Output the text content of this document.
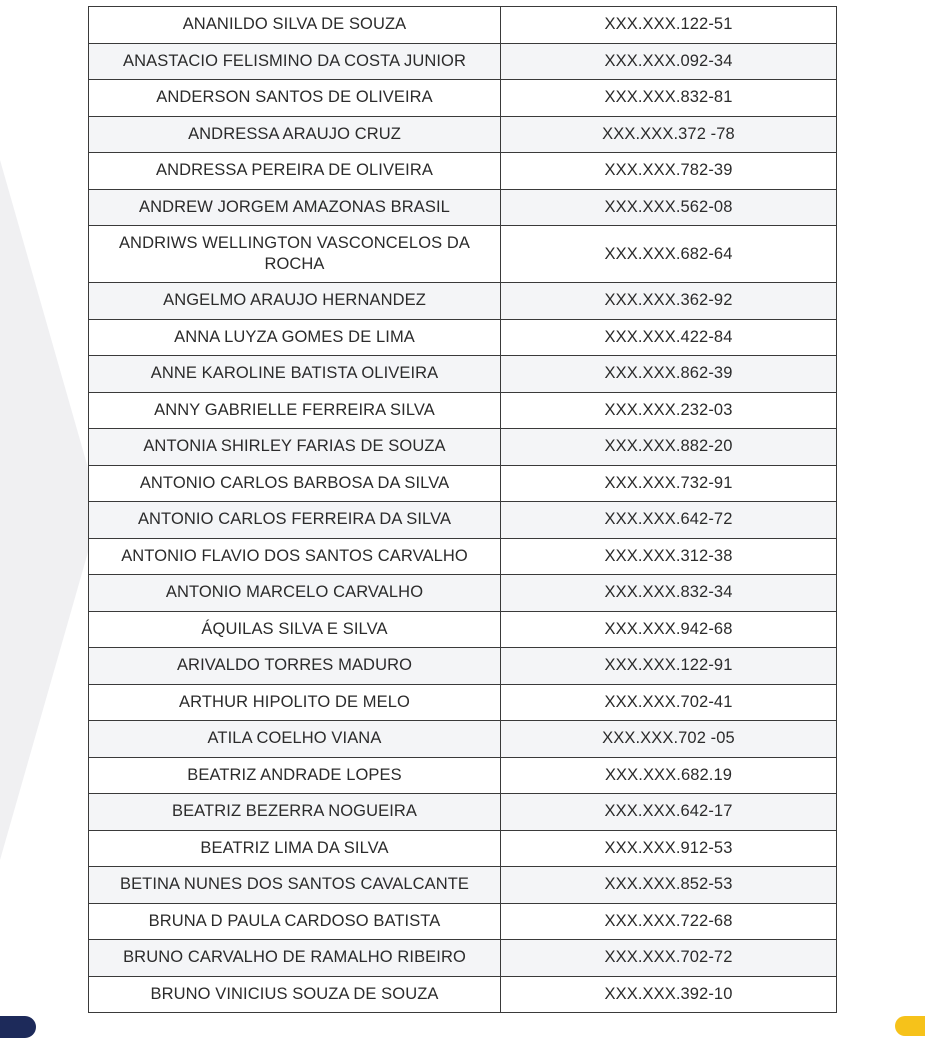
ANANILDO SILVA DE SOUZA	XXX.XXX.122-51
ANASTACIO FELISMINO DA COSTA JUNIOR	XXX.XXX.092-34
ANDERSON SANTOS DE OLIVEIRA	XXX.XXX.832-81
ANDRESSA ARAUJO CRUZ	XXX.XXX.372 -78
ANDRESSA PEREIRA DE OLIVEIRA	XXX.XXX.782-39
ANDREW JORGEM AMAZONAS BRASIL	XXX.XXX.562-08
ANDRIWS WELLINGTON VASCONCELOS DA ROCHA	XXX.XXX.682-64
ANGELMO ARAUJO HERNANDEZ	XXX.XXX.362-92
ANNA LUYZA GOMES DE LIMA	XXX.XXX.422-84
ANNE KAROLINE BATISTA OLIVEIRA	XXX.XXX.862-39
ANNY GABRIELLE FERREIRA SILVA	XXX.XXX.232-03
ANTONIA SHIRLEY FARIAS DE SOUZA	XXX.XXX.882-20
ANTONIO CARLOS BARBOSA DA SILVA	XXX.XXX.732-91
ANTONIO CARLOS FERREIRA DA SILVA	XXX.XXX.642-72
ANTONIO FLAVIO DOS SANTOS CARVALHO	XXX.XXX.312-38
ANTONIO MARCELO CARVALHO	XXX.XXX.832-34
ÁQUILAS SILVA E SILVA	XXX.XXX.942-68
ARIVALDO TORRES MADURO	XXX.XXX.122-91
ARTHUR HIPOLITO DE MELO	XXX.XXX.702-41
ATILA COELHO VIANA	XXX.XXX.702 -05
BEATRIZ ANDRADE LOPES	XXX.XXX.682.19
BEATRIZ BEZERRA NOGUEIRA	XXX.XXX.642-17
BEATRIZ LIMA DA SILVA	XXX.XXX.912-53
BETINA NUNES DOS SANTOS CAVALCANTE	XXX.XXX.852-53
BRUNA D PAULA CARDOSO BATISTA	XXX.XXX.722-68
BRUNO CARVALHO DE RAMALHO RIBEIRO	XXX.XXX.702-72
BRUNO VINICIUS SOUZA DE SOUZA	XXX.XXX.392-10
